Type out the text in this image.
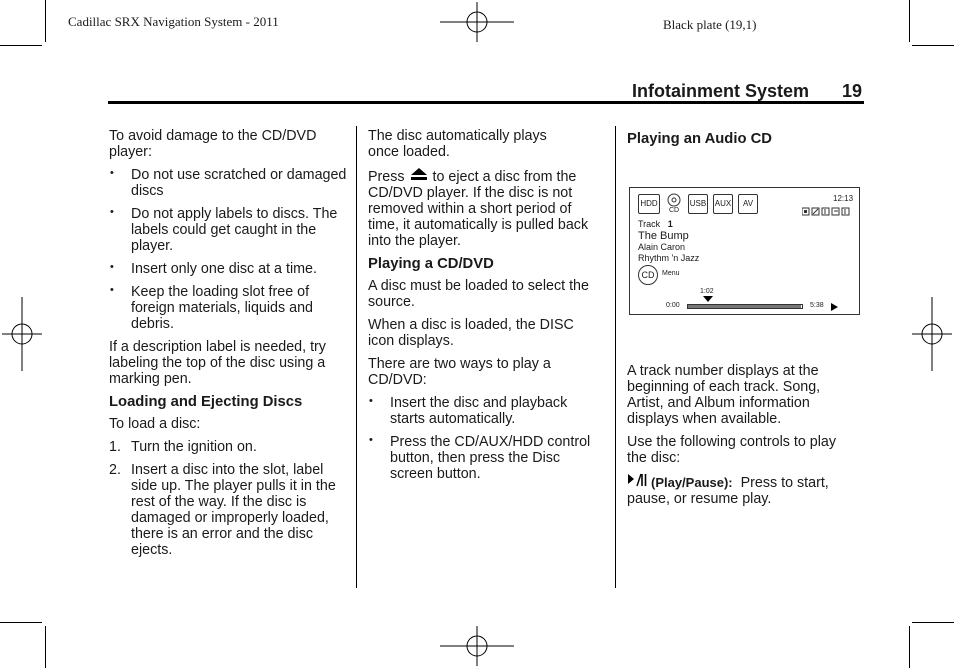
Cadillac SRX Navigation System - 2011	Black plate (19,1)
Infotainment System 19

To avoid damage to the CD/DVD player:

• Do not use scratched or damaged discs
• Do not apply labels to discs. The labels could get caught in the player.
• Insert only one disc at a time.
• Keep the loading slot free of foreign materials, liquids and debris.

If a description label is needed, try labeling the top of the disc using a marking pen.

Loading and Ejecting Discs

To load a disc:

1. Turn the ignition on.
2. Insert a disc into the slot, label side up. The player pulls it in the rest of the way. If the disc is damaged or improperly loaded, there is an error and the disc ejects.

The disc automatically plays once loaded.

Press to eject a disc from the CD/DVD player. If the disc is not removed within a short period of time, it automatically is pulled back into the player.

Playing a CD/DVD

A disc must be loaded to select the source.

When a disc is loaded, the DISC icon displays.

There are two ways to play a CD/DVD:

• Insert the disc and playback starts automatically.
• Press the CD/AUX/HDD control button, then press the Disc screen button.
Playing an Audio CD
HDD
CD
USB AUX	AV
12:13
Track 1
The Bump
Alain Caron
Rhythm 'n Jazz
CD	Menu
1:02
0:00	5:38

A track number displays at the beginning of each track. Song, Artist, and Album information displays when available.

Use the following controls to play the disc:

(Play/Pause): Press to start, pause, or resume play.
